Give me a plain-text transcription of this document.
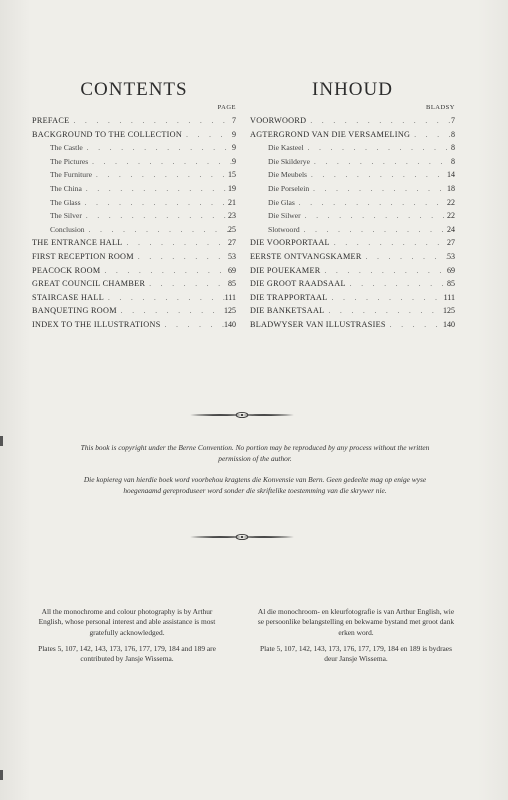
CONTENTS
PAGE
PREFACE . . .	7
BACKGROUND TO THE COLLECTION . . .	9
The Castle . . .	9
The Pictures . . .	9
The Furniture . . .	15
The China . . .	19
The Glass . . .	21
The Silver . . .	23
Conclusion . . .	25
THE ENTRANCE HALL . . .	27
FIRST RECEPTION ROOM . . .	53
PEACOCK ROOM . . .	69
GREAT COUNCIL CHAMBER . . .	85
STAIRCASE HALL . . .	111
BANQUETING ROOM . . .	125
INDEX TO THE ILLUSTRATIONS . . .	140
INHOUD
BLADSY
VOORWOORD . . .	7
AGTERGROND VAN DIE VERSAMELING . . .	8
Die Kasteel . . .	8
Die Skilderye . . .	8
Die Meubels . . .	14
Die Porselein . . .	18
Die Glas . . .	22
Die Silwer . . .	22
Slotwoord . . .	24
DIE VOORPORTAAL . . .	27
EERSTE ONTVANGSKAMER . . .	53
DIE POUEKAMER . . .	69
DIE GROOT RAADSAAL . . .	85
DIE TRAPPORTAAL . . .	111
DIE BANKETSAAL . . .	125
BLADWYSER VAN ILLUSTRASIES . . .	140

This book is copyright under the Berne Convention. No portion may be reproduced by any process without the written permission of the author.

Die kopiereg van hierdie boek word voorbehou kragtens die Konvensie van Bern. Geen gedeelte mag op enige wyse hoegenaamd gereproduseer word sonder die skriftelike toestemming van die skrywer nie.

All the monochrome and colour photography is by Arthur English, whose personal interest and able assistance is most gratefully acknowledged.

Plates 5, 107, 142, 143, 173, 176, 177, 179, 184 and 189 are contributed by Jansje Wissema.

Al die monochroom- en kleurfotografie is van Arthur English, wie se persoonlike belangstelling en bekwame bystand met groot dank erken word.

Plate 5, 107, 142, 143, 173, 176, 177, 179, 184 en 189 is bydraes deur Jansje Wissema.
